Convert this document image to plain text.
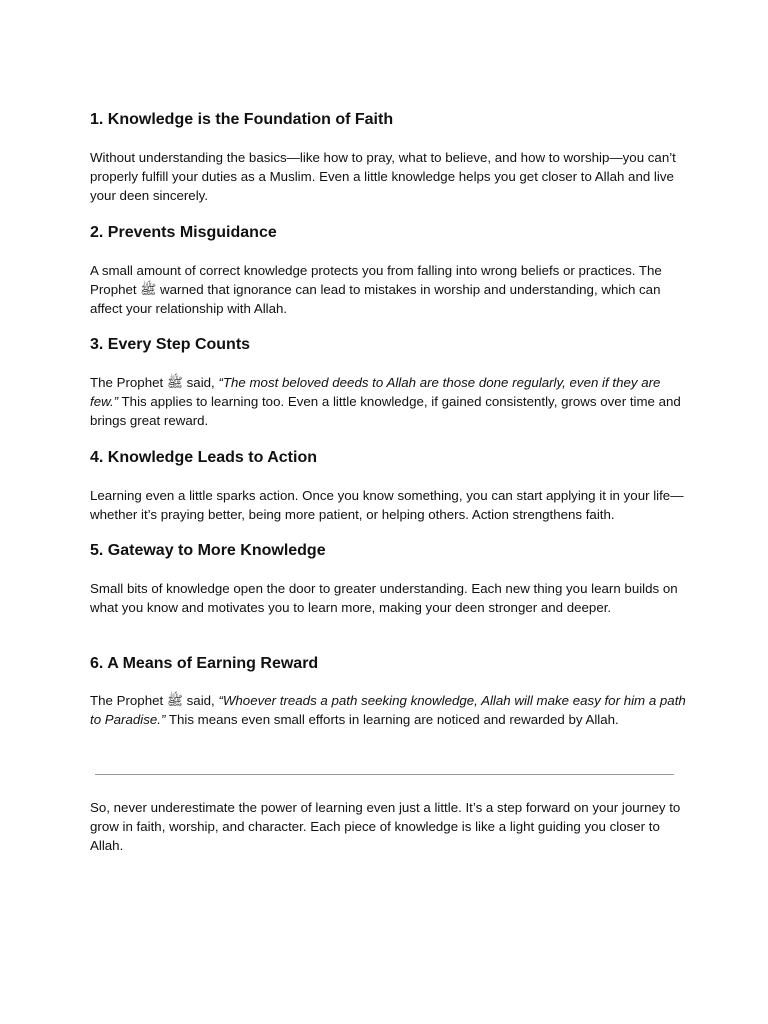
1. Knowledge is the Foundation of Faith

Without understanding the basics—like how to pray, what to believe, and how to worship—you can’t properly fulfill your duties as a Muslim. Even a little knowledge helps you get closer to Allah and live your deen sincerely.

2. Prevents Misguidance

A small amount of correct knowledge protects you from falling into wrong beliefs or practices. The Prophet ﷺ warned that ignorance can lead to mistakes in worship and understanding, which can affect your relationship with Allah.

3. Every Step Counts

The Prophet ﷺ said, “The most beloved deeds to Allah are those done regularly, even if they are few.” This applies to learning too. Even a little knowledge, if gained consistently, grows over time and brings great reward.

4. Knowledge Leads to Action

Learning even a little sparks action. Once you know something, you can start applying it in your life—whether it’s praying better, being more patient, or helping others. Action strengthens faith.

5. Gateway to More Knowledge

Small bits of knowledge open the door to greater understanding. Each new thing you learn builds on what you know and motivates you to learn more, making your deen stronger and deeper.

6. A Means of Earning Reward

The Prophet ﷺ said, “Whoever treads a path seeking knowledge, Allah will make easy for him a path to Paradise.” This means even small efforts in learning are noticed and rewarded by Allah.

So, never underestimate the power of learning even just a little. It’s a step forward on your journey to grow in faith, worship, and character. Each piece of knowledge is like a light guiding you closer to Allah.
